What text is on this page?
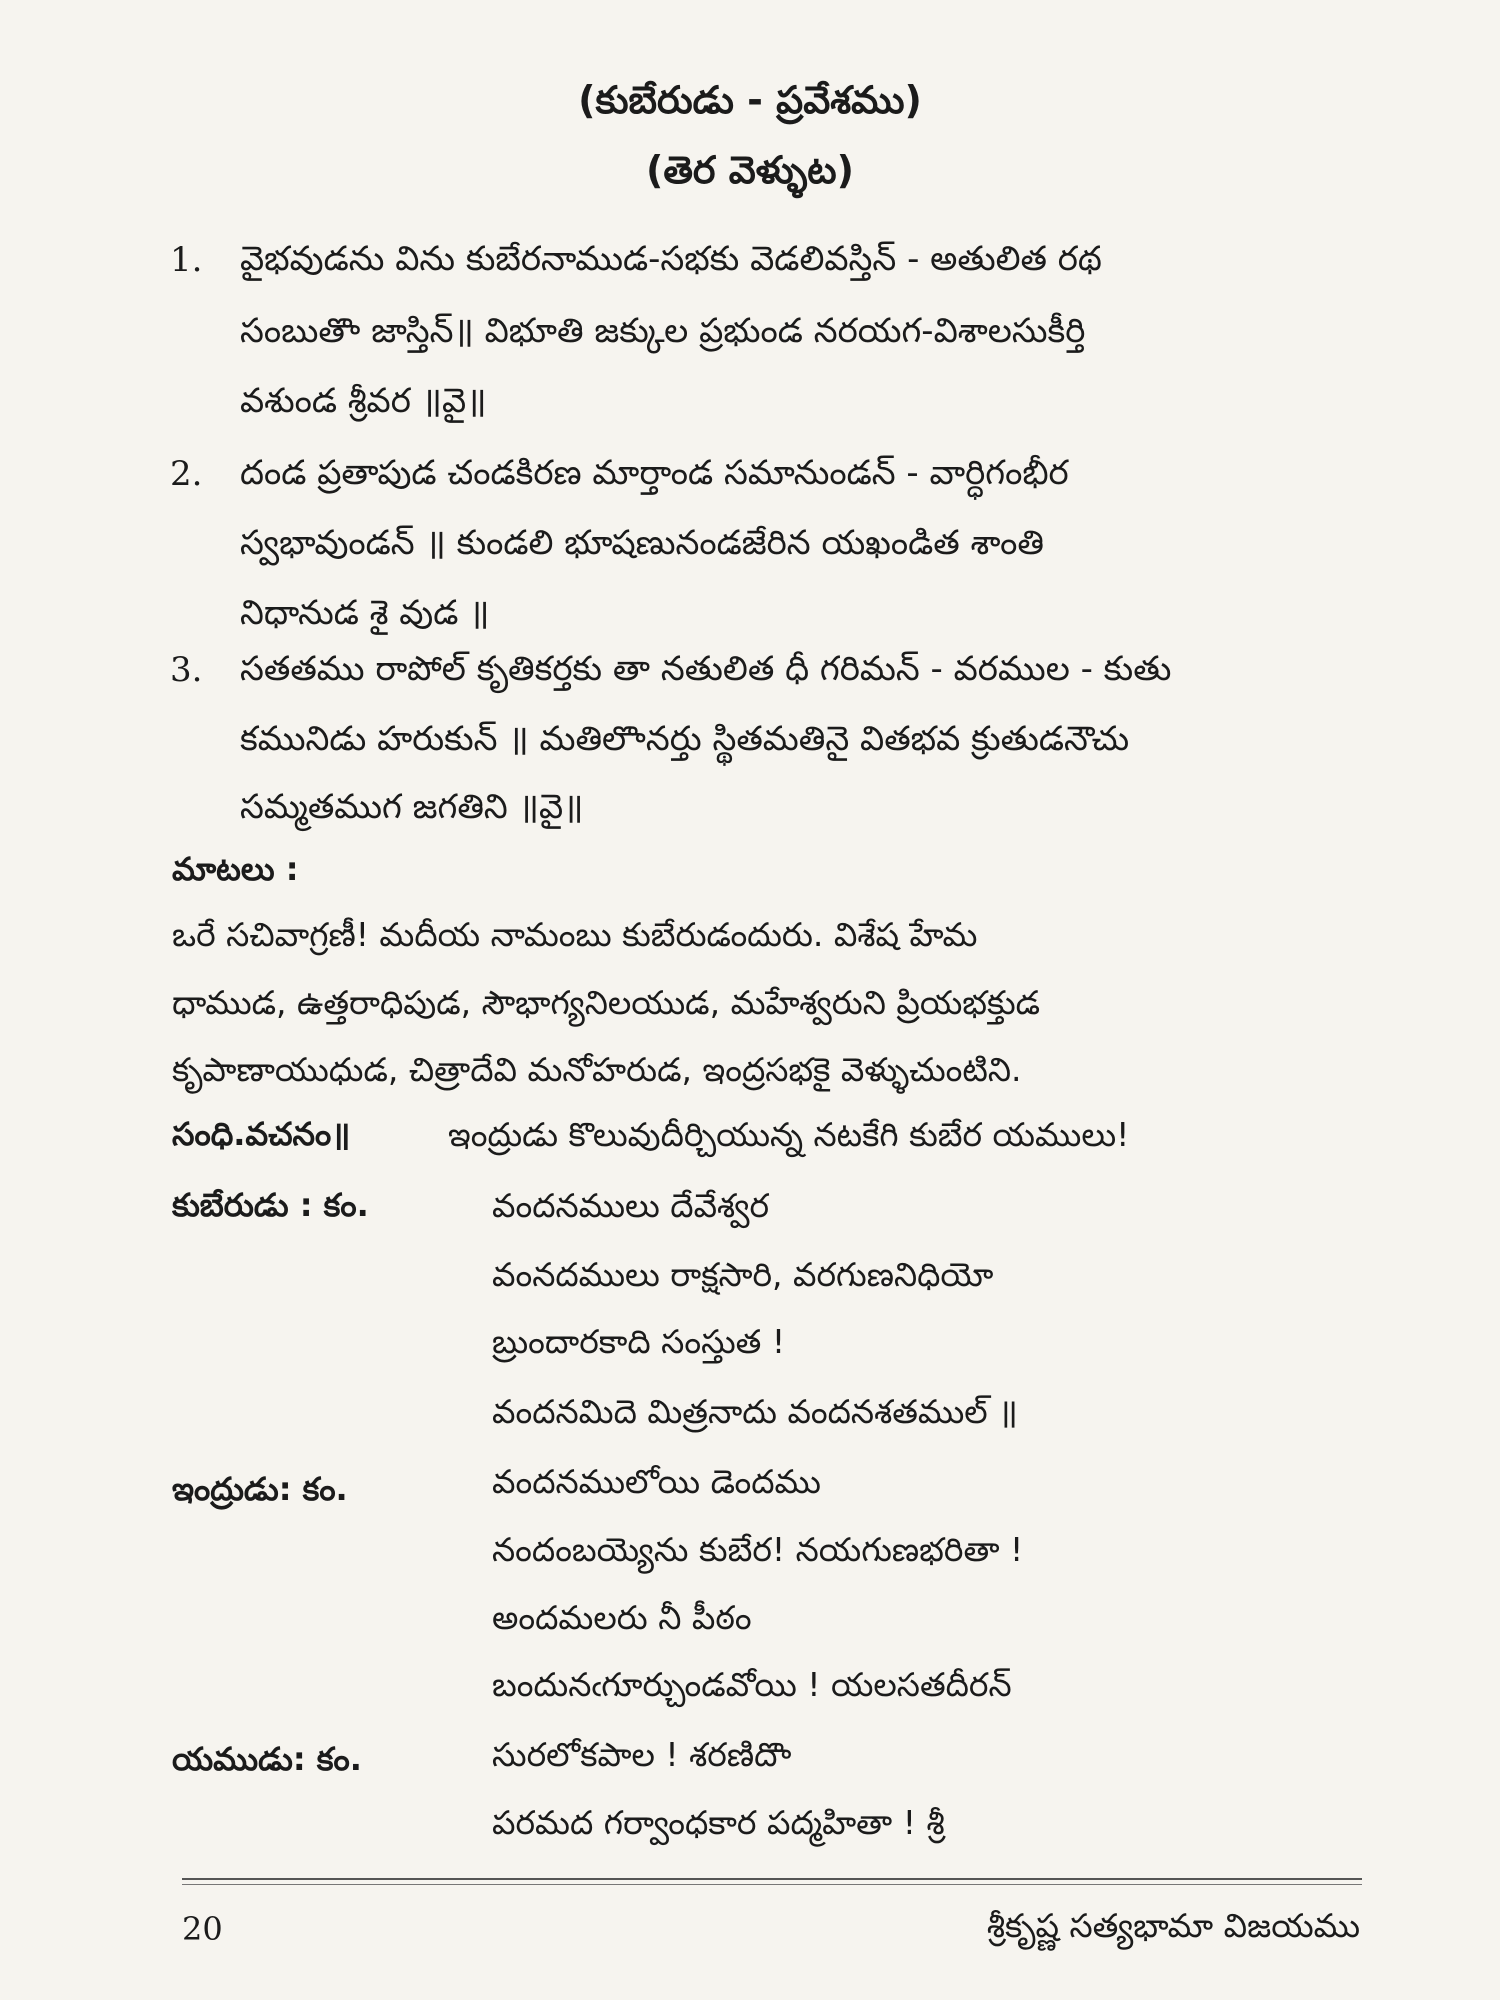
(కుబేరుడు - ప్రవేశము)
(తెర వెళ్ళుట)
1. వైభవుడను విను కుబేరనాముడ-సభకు వెడలివస్తిన్ - అతులిత రథ
సంబుతొా జాస్తిన్॥ విభూతి జక్కుల ప్రభుండ నరయగ-విశాలసుకీర్తి
వశుండ శ్రీవర ॥వై॥
2. దండ ప్రతాపుడ చండకిరణ మార్తాండ సమానుండన్ - వార్ధిగంభీర
స్వభావుండన్ ॥ కుండలి భూషణునండజేరిన యఖండిత శాంతి
నిధానుడ శై వుడ ॥
3. సతతము రాపోల్ కృతికర్తకు తా నతులిత ధీ గరిమన్ - వరముల - కుతు
కమునిడు హరుకున్ ॥ మతిలొానర్తు స్థితమతినై వితభవ క్రుతుడనౌచు
సమ్మతముగ జగతిని ॥వై॥
మాటలు :
ఒరే సచివాగ్రణీ! మదీయ నామంబు కుబేరుడందురు. విశేష హేమ
ధాముడ, ఉత్తరాధిపుడ, సౌభాగ్యనిలయుడ, మహేశ్వరుని ప్రియభక్తుడ
కృపాణాయుధుడ, చిత్రాదేవి మనోహరుడ, ఇంద్రసభకై వెళ్ళుచుంటిని.
సంధి.వచనం॥	ఇంద్రుడు కొలువుదీర్చియున్న నటకేగి కుబేర యములు!
కుబేరుడు : కం.	వందనములు దేవేశ్వర
వంనదములు రాక్షసారి, వరగుణనిధియో
బ్రుందారకాది సంస్తుత !
వందనమిదె మిత్రనాదు వందనశతముల్ ॥
ఇంద్రుడు: కం.	వందనములోయి డెందము
నందంబయ్యెను కుబేర! నయగుణభరితా !
అందమలరు నీ పీఠం
బందునఁగూర్చుండవోయి ! యలసతదీరన్
యముడు: కం.	సురలోకపాల ! శరణిదొా
పరమద గర్వాంధకార పద్మహితా ! శ్రీ
20	శ్రీకృష్ణ సత్యభామా విజయము
